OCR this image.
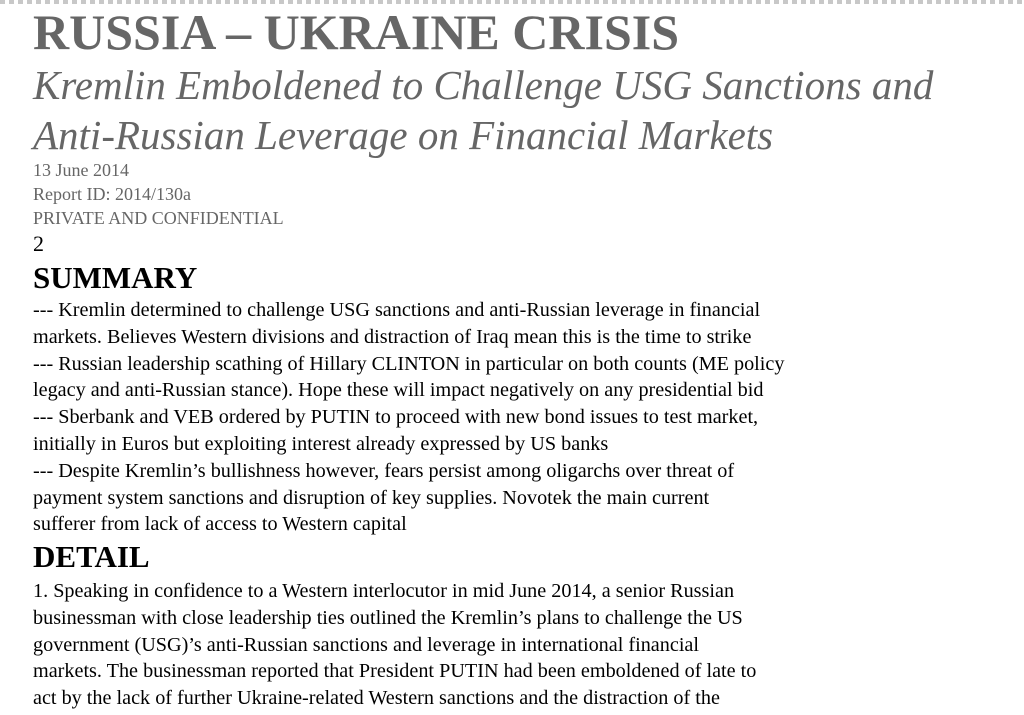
RUSSIA – UKRAINE CRISIS
Kremlin Emboldened to Challenge USG Sanctions and
Anti-Russian Leverage on Financial Markets
13 June 2014
Report ID: 2014/130a
PRIVATE AND CONFIDENTIAL
2
SUMMARY
--- Kremlin determined to challenge USG sanctions and anti-Russian leverage in financial
markets. Believes Western divisions and distraction of Iraq mean this is the time to strike
--- Russian leadership scathing of Hillary CLINTON in particular on both counts (ME policy
legacy and anti-Russian stance). Hope these will impact negatively on any presidential bid
--- Sberbank and VEB ordered by PUTIN to proceed with new bond issues to test market,
initially in Euros but exploiting interest already expressed by US banks
--- Despite Kremlin’s bullishness however, fears persist among oligarchs over threat of
payment system sanctions and disruption of key supplies. Novotek the main current
sufferer from lack of access to Western capital
DETAIL
1. Speaking in confidence to a Western interlocutor in mid June 2014, a senior Russian
businessman with close leadership ties outlined the Kremlin’s plans to challenge the US
government (USG)’s anti-Russian sanctions and leverage in international financial
markets. The businessman reported that President PUTIN had been emboldened of late to
act by the lack of further Ukraine-related Western sanctions and the distraction of the
